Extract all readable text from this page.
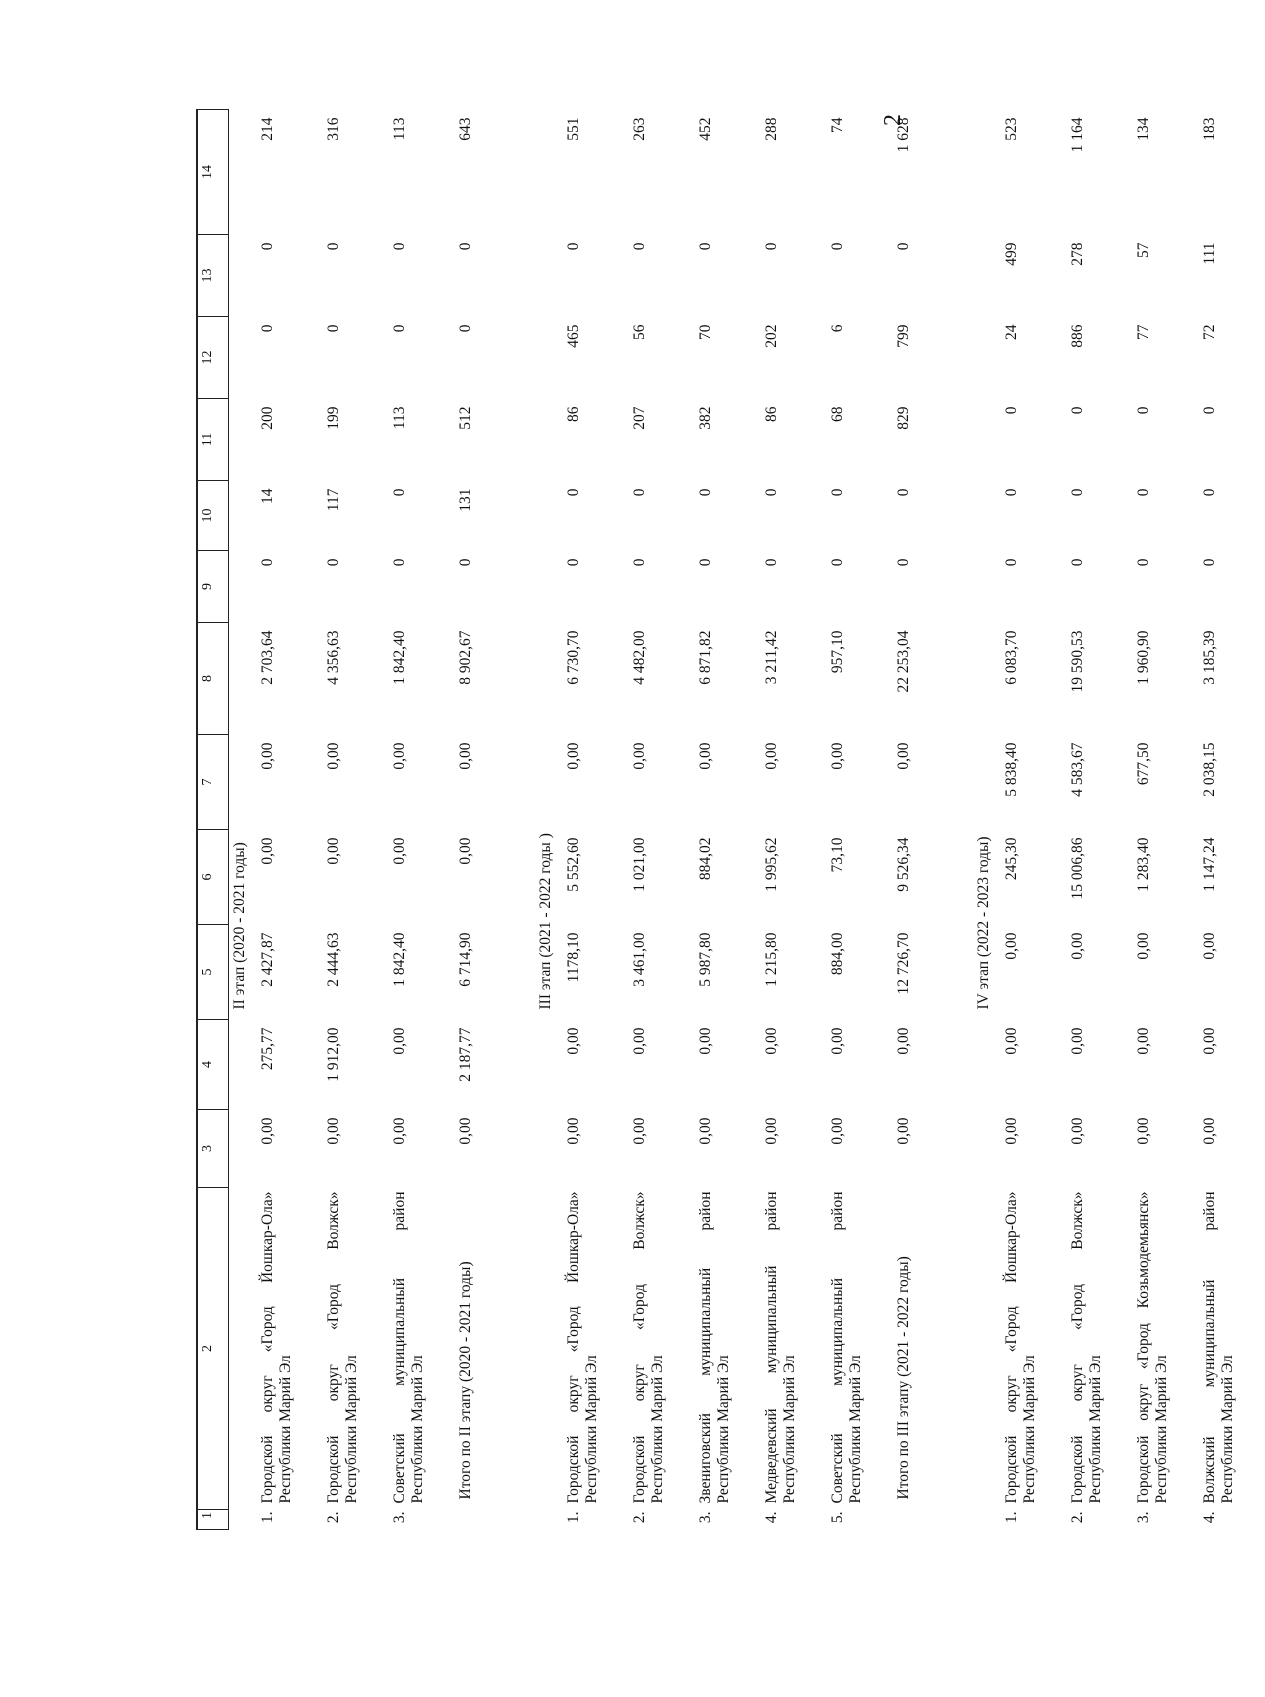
2
1	2	3	4	5	6	7	8	9	10	11	12	13	14
II этап (2020 - 2021 годы)													
1.	Городской округ «Город Йошкар-Ола» Республики Марий Эл	0,00	275,77	2 427,87	0,00	0,00	2 703,64	0	14	200	0	0	214
2.	Городской округ «Город Волжск» Республики Марий Эл	0,00	1 912,00	2 444,63	0,00	0,00	4 356,63	0	117	199	0	0	316
3.	Советский муниципальный район Республики Марий Эл	0,00	0,00	1 842,40	0,00	0,00	1 842,40	0	0	113	0	0	113
Итого по II этапу (2020 - 2021 годы)		0,00	2 187,77	6 714,90	0,00	0,00	8 902,67	0	131	512	0	0	643
III этап (2021 - 2022 годы )													
1.	Городской округ «Город Йошкар-Ола» Республики Марий Эл	0,00	0,00	1178,10	5 552,60	0,00	6 730,70	0	0	86	465	0	551
2.	Городской округ «Город Волжск» Республики Марий Эл	0,00	0,00	3 461,00	1 021,00	0,00	4 482,00	0	0	207	56	0	263
3.	Звениговский муниципальный район Республики Марий Эл	0,00	0,00	5 987,80	884,02	0,00	6 871,82	0	0	382	70	0	452
4.	Медведевский муниципальный район Республики Марий Эл	0,00	0,00	1 215,80	1 995,62	0,00	3 211,42	0	0	86	202	0	288
5.	Советский муниципальный район Республики Марий Эл	0,00	0,00	884,00	73,10	0,00	957,10	0	0	68	6	0	74
Итого по III этапу (2021 - 2022 годы)		0,00	0,00	12 726,70	9 526,34	0,00	22 253,04	0	0	829	799	0	1 628
IV этап (2022 - 2023 годы)													
1.	Городской округ «Город Йошкар-Ола» Республики Марий Эл	0,00	0,00	0,00	245,30	5 838,40	6 083,70	0	0	0	24	499	523
2.	Городской округ «Город Волжск» Республики Марий Эл	0,00	0,00	0,00	15 006,86	4 583,67	19 590,53	0	0	0	886	278	1 164
3.	Городской округ «Город Козьмодемьянск» Республики Марий Эл	0,00	0,00	0,00	1 283,40	677,50	1 960,90	0	0	0	77	57	134
4.	Волжский муниципальный район Республики Марий Эл	0,00	0,00	0,00	1 147,24	2 038,15	3 185,39	0	0	0	72	111	183
